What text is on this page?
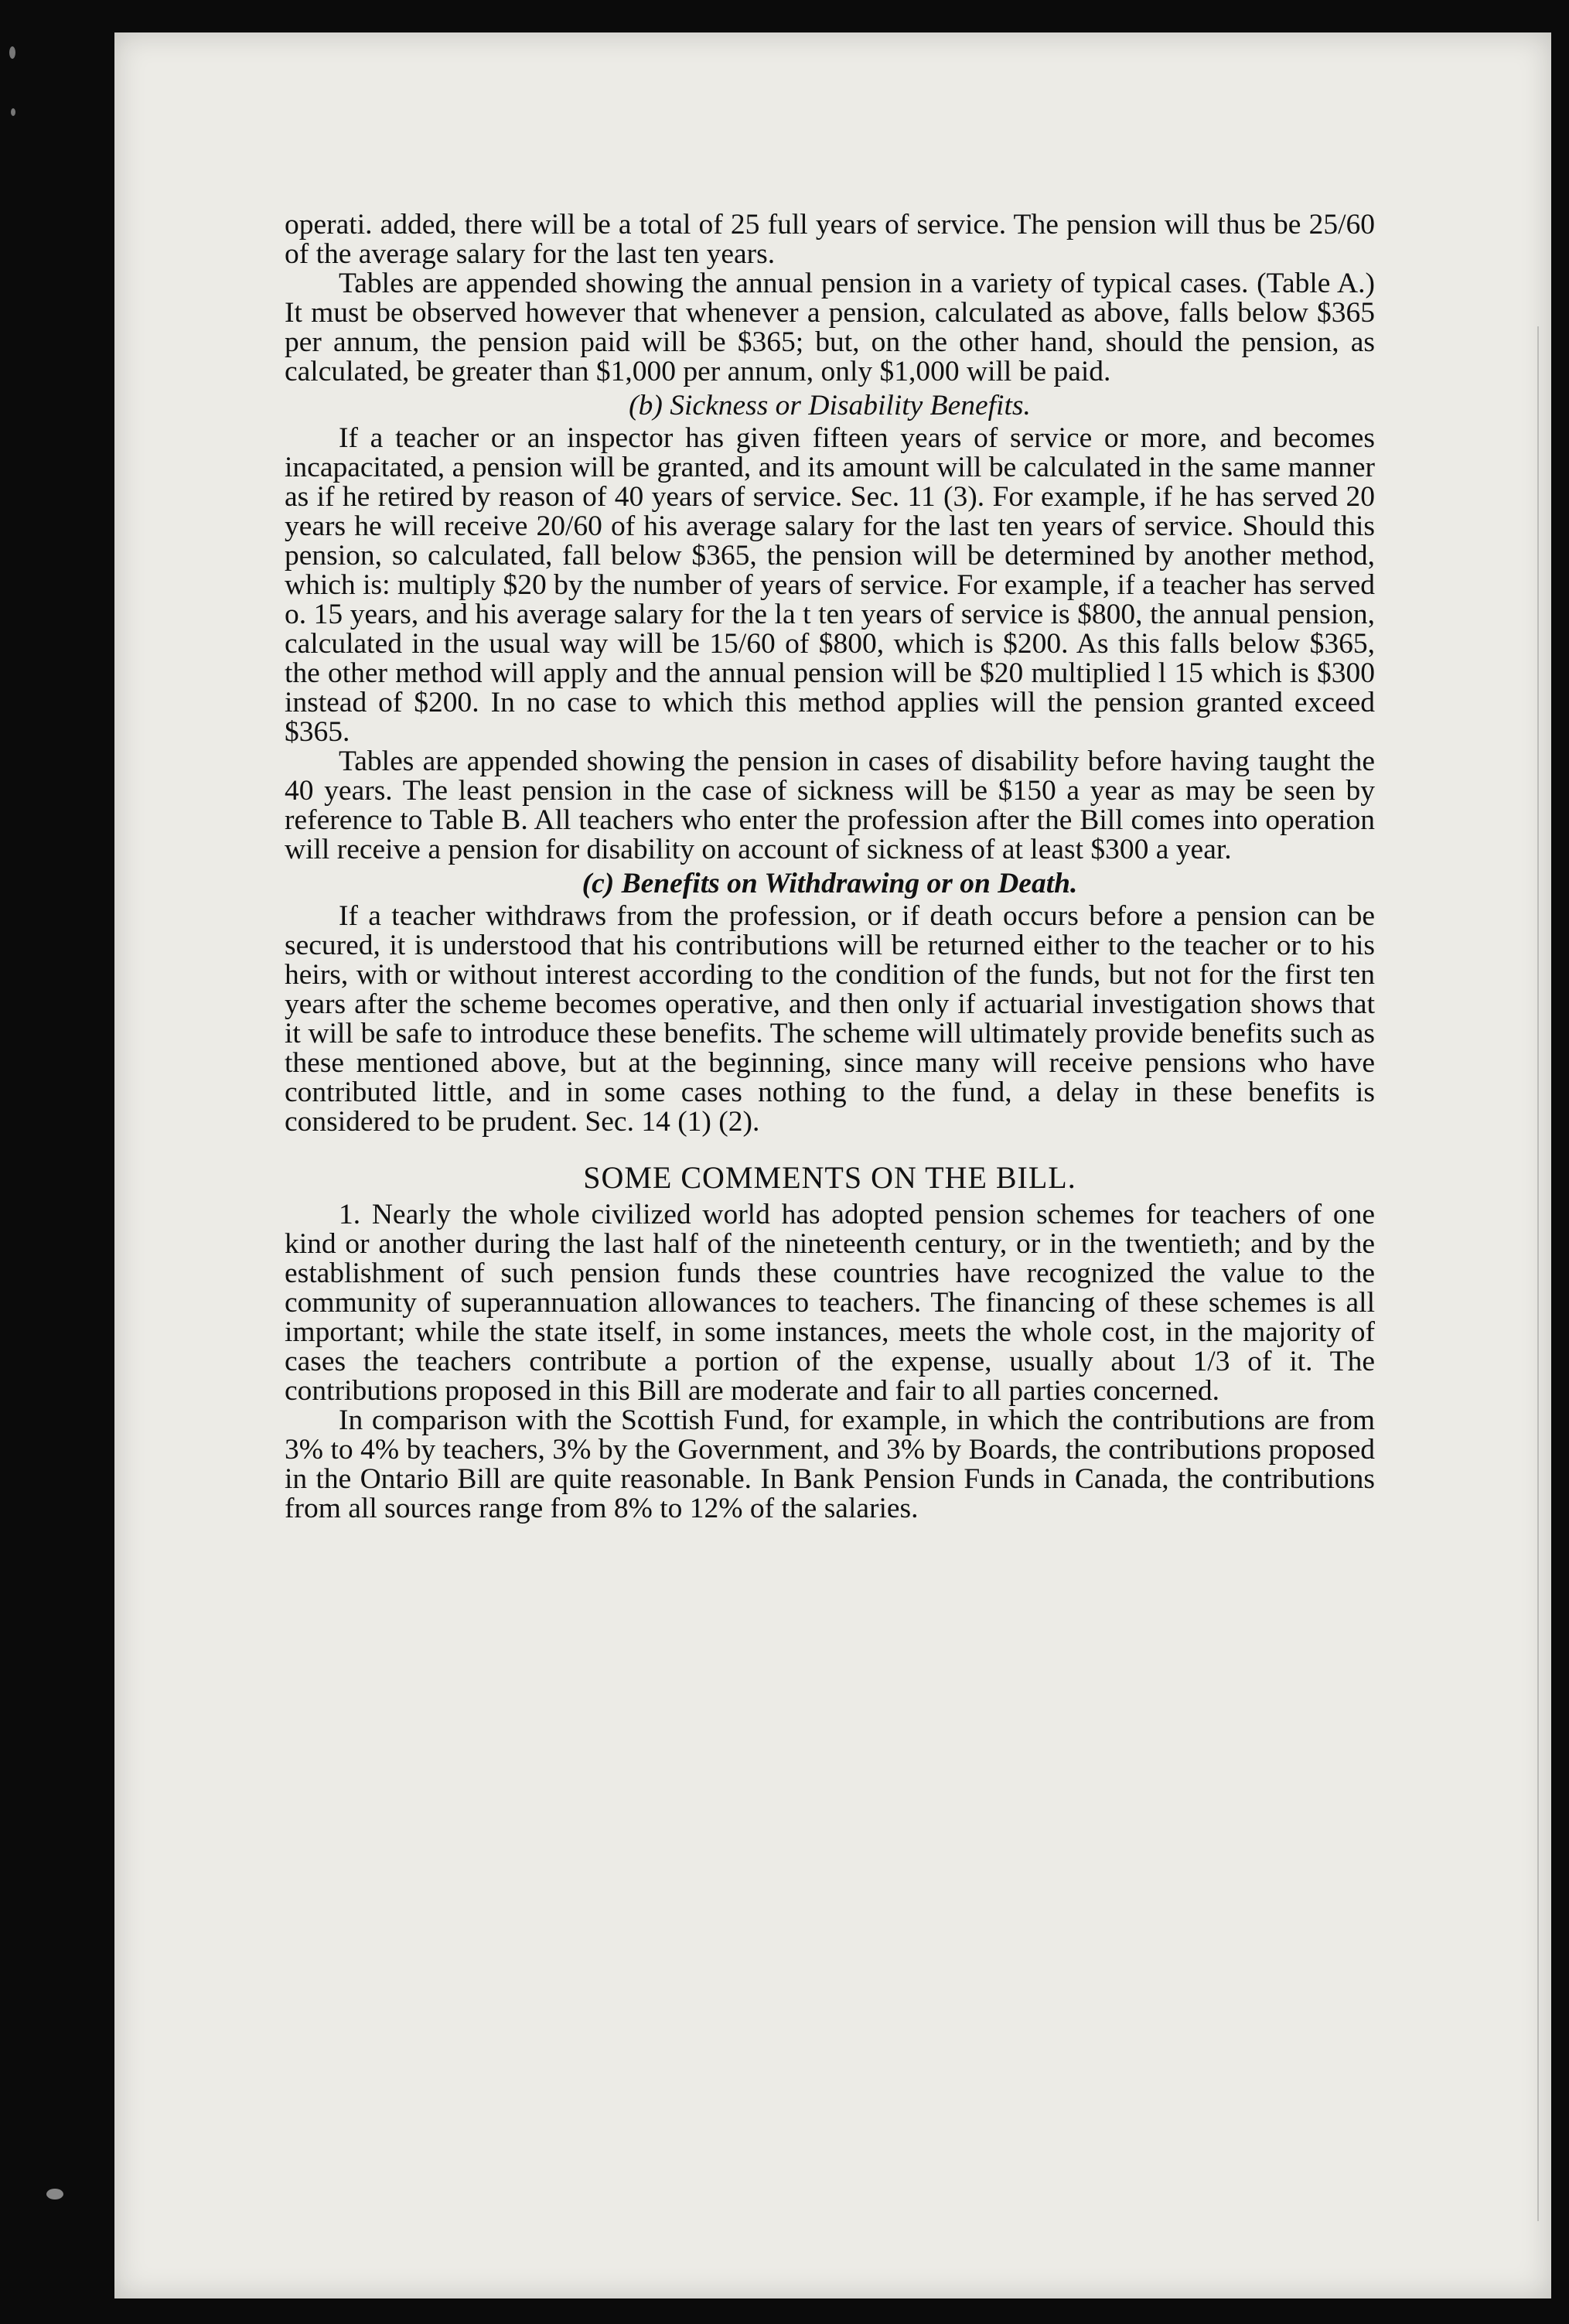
operati. added, there will be a total of 25 full years of service. The pension will thus be 25/60 of the average salary for the last ten years.

Tables are appended showing the annual pension in a variety of typical cases. (Table A.) It must be observed however that whenever a pension, calculated as above, falls below $365 per annum, the pension paid will be $365; but, on the other hand, should the pension, as calculated, be greater than $1,000 per annum, only $1,000 will be paid.

(b) Sickness or Disability Benefits.

If a teacher or an inspector has given fifteen years of service or more, and becomes incapacitated, a pension will be granted, and its amount will be calculated in the same manner as if he retired by reason of 40 years of service. Sec. 11 (3). For example, if he has served 20 years he will receive 20/60 of his average salary for the last ten years of service. Should this pension, so calculated, fall below $365, the pension will be determined by another method, which is: multiply $20 by the number of years of service. For example, if a teacher has served o. 15 years, and his average salary for the la t ten years of service is $800, the annual pension, calculated in the usual way will be 15/60 of $800, which is $200. As this falls below $365, the other method will apply and the annual pension will be $20 multiplied l 15 which is $300 instead of $200. In no case to which this method applies will the pension granted exceed $365.

Tables are appended showing the pension in cases of disability before having taught the 40 years. The least pension in the case of sickness will be $150 a year as may be seen by reference to Table B. All teachers who enter the profession after the Bill comes into operation will receive a pension for disability on account of sickness of at least $300 a year.

(c) Benefits on Withdrawing or on Death.

If a teacher withdraws from the profession, or if death occurs before a pension can be secured, it is understood that his contributions will be returned either to the teacher or to his heirs, with or without interest according to the condition of the funds, but not for the first ten years after the scheme becomes operative, and then only if actuarial investigation shows that it will be safe to introduce these benefits. The scheme will ultimately provide benefits such as these mentioned above, but at the beginning, since many will receive pensions who have contributed little, and in some cases nothing to the fund, a delay in these benefits is considered to be prudent. Sec. 14 (1) (2).

SOME COMMENTS ON THE BILL.

1. Nearly the whole civilized world has adopted pension schemes for teachers of one kind or another during the last half of the nineteenth century, or in the twentieth; and by the establishment of such pension funds these countries have recognized the value to the community of superannuation allowances to teachers. The financing of these schemes is all important; while the state itself, in some instances, meets the whole cost, in the majority of cases the teachers contribute a portion of the expense, usually about 1/3 of it. The contributions proposed in this Bill are moderate and fair to all parties concerned.

In comparison with the Scottish Fund, for example, in which the contributions are from 3% to 4% by teachers, 3% by the Government, and 3% by Boards, the contributions proposed in the Ontario Bill are quite reasonable. In Bank Pension Funds in Canada, the contributions from all sources range from 8% to 12% of the salaries.
